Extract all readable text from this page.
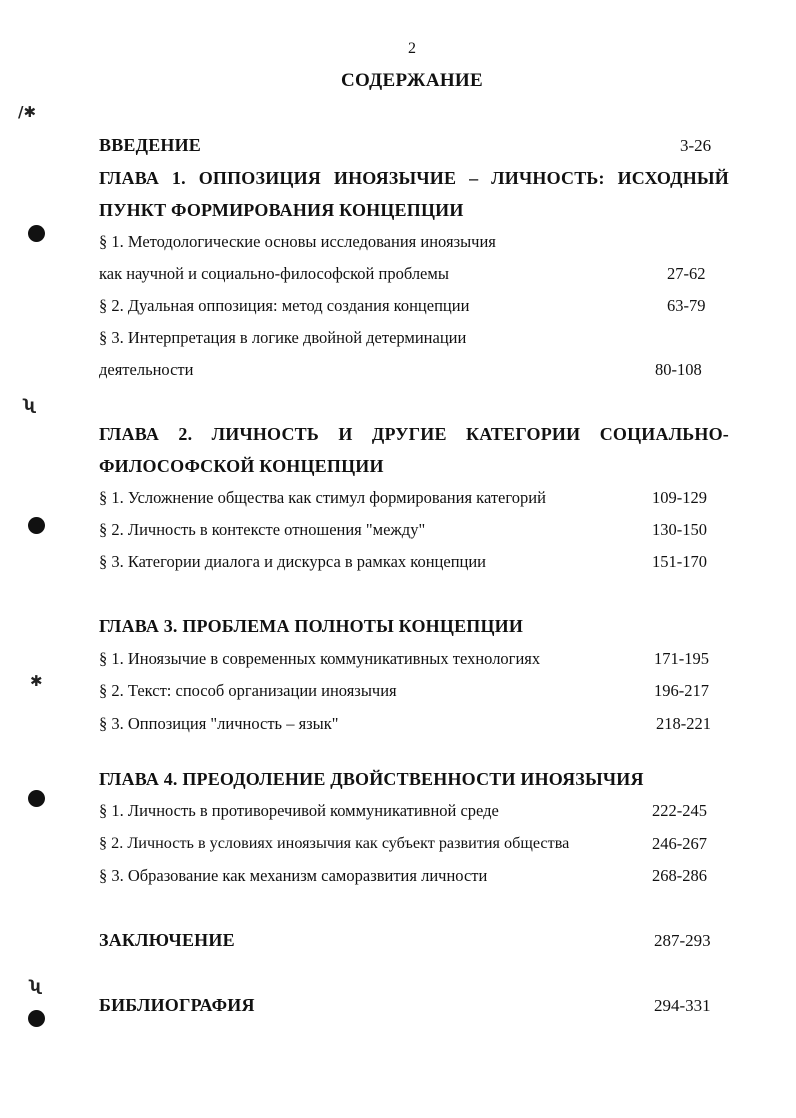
2
СОДЕРЖАНИЕ
/✱
ʯ
✱
ʯ
ВВЕДЕНИЕ	3-26
ГЛАВА 1. ОППОЗИЦИЯ ИНОЯЗЫЧИЕ – ЛИЧНОСТЬ: ИСХОДНЫЙ
ПУНКТ ФОРМИРОВАНИЯ КОНЦЕПЦИИ
§ 1. Методологические основы исследования иноязычия
как научной и социально-философской проблемы	27-62
§ 2. Дуальная оппозиция: метод создания концепции	63-79
§ 3. Интерпретация в логике двойной детерминации
деятельности	80-108
ГЛАВА 2. ЛИЧНОСТЬ И ДРУГИЕ КАТЕГОРИИ СОЦИАЛЬНО-
ФИЛОСОФСКОЙ КОНЦЕПЦИИ
§ 1. Усложнение общества как стимул формирования категорий	109-129
§ 2. Личность в контексте отношения "между"	130-150
§ 3. Категории диалога и дискурса в рамках концепции	151-170
ГЛАВА 3. ПРОБЛЕМА ПОЛНОТЫ КОНЦЕПЦИИ
§ 1. Иноязычие в современных коммуникативных технологиях	171-195
§ 2. Текст: способ организации иноязычия	196-217
§ 3. Оппозиция "личность – язык"	218-221
ГЛАВА 4. ПРЕОДОЛЕНИЕ ДВОЙСТВЕННОСТИ ИНОЯЗЫЧИЯ
§ 1. Личность в противоречивой коммуникативной среде	222-245
§ 2. Личность в условиях иноязычия как субъект развития общества	246-267
§ 3. Образование как механизм саморазвития личности	268-286
ЗАКЛЮЧЕНИЕ	287-293
БИБЛИОГРАФИЯ	294-331
